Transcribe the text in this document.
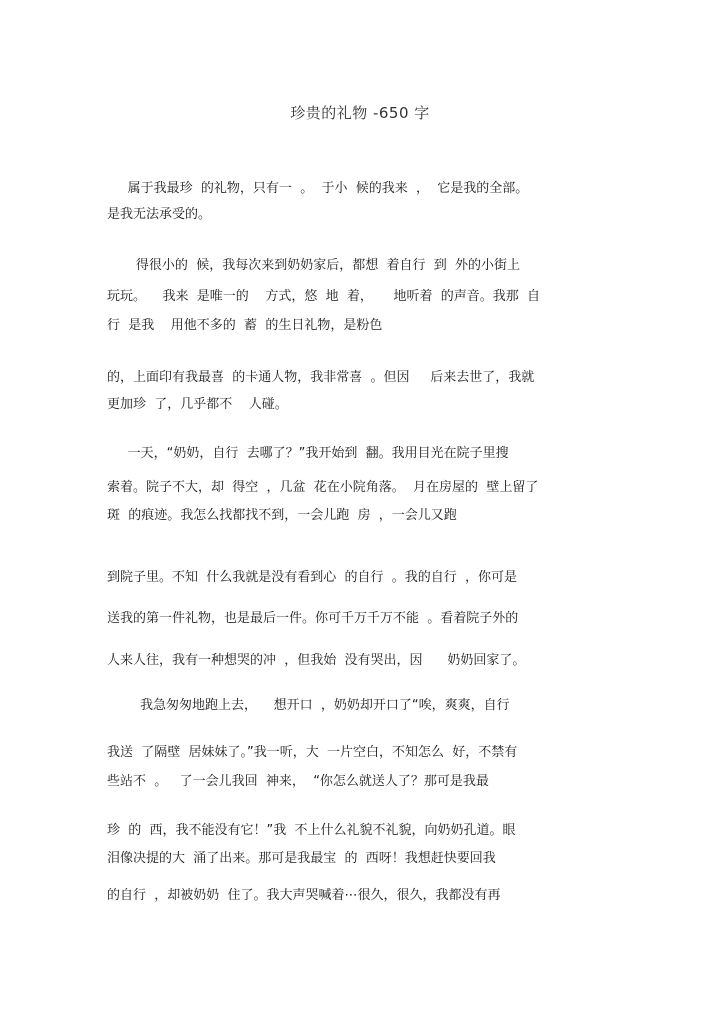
珍贵的礼物 -650 字
属于我最珍  的礼物，只有一  。  于小  候的我来  ，  它是我的全部。
是我无法承受的。
得很小的  候，我每次来到奶奶家后，都想  着自行  到  外的小街上
玩玩。    我来  是唯一的    方式，悠  地  着，     地听着  的声音。我那  自
行  是我    用他不多的  蓄  的生日礼物，是粉色
的，上面印有我最喜  的卡通人物，我非常喜  。但因     后来去世了，我就
更加珍  了，几乎都不    人碰。
一天，“奶奶，自行  去哪了？”我开始到  翻。我用目光在院子里搜
索着。院子不大，却  得空  ，几盆  花在小院角落。  月在房屋的  壁上留了
斑  的痕迹。我怎么找都找不到，一会儿跑  房  ，一会儿又跑
到院子里。不知  什么我就是没有看到心  的自行  。我的自行  ，你可是
送我的第一件礼物，也是最后一件。你可千万千万不能  。看着院子外的
人来人往，我有一种想哭的冲  ，但我始  没有哭出，因      奶奶回家了。
我急匆匆地跑上去，    想开口  ，奶奶却开口了“唉，爽爽，自行
我送  了隔壁  居妹妹了。”我一听，大  一片空白，不知怎么  好，不禁有
些站不  。   了一会儿我回  神来，  “你怎么就送人了？那可是我最
珍  的  西，我不能没有它！”我  不上什么礼貌不礼貌，向奶奶孔道。眼
泪像决提的大  涌了出来。那可是我最宝  的  西呀！我想赶快要回我
的自行  ，却被奶奶  住了。我大声哭喊着⋯很久，很久，我都没有再
